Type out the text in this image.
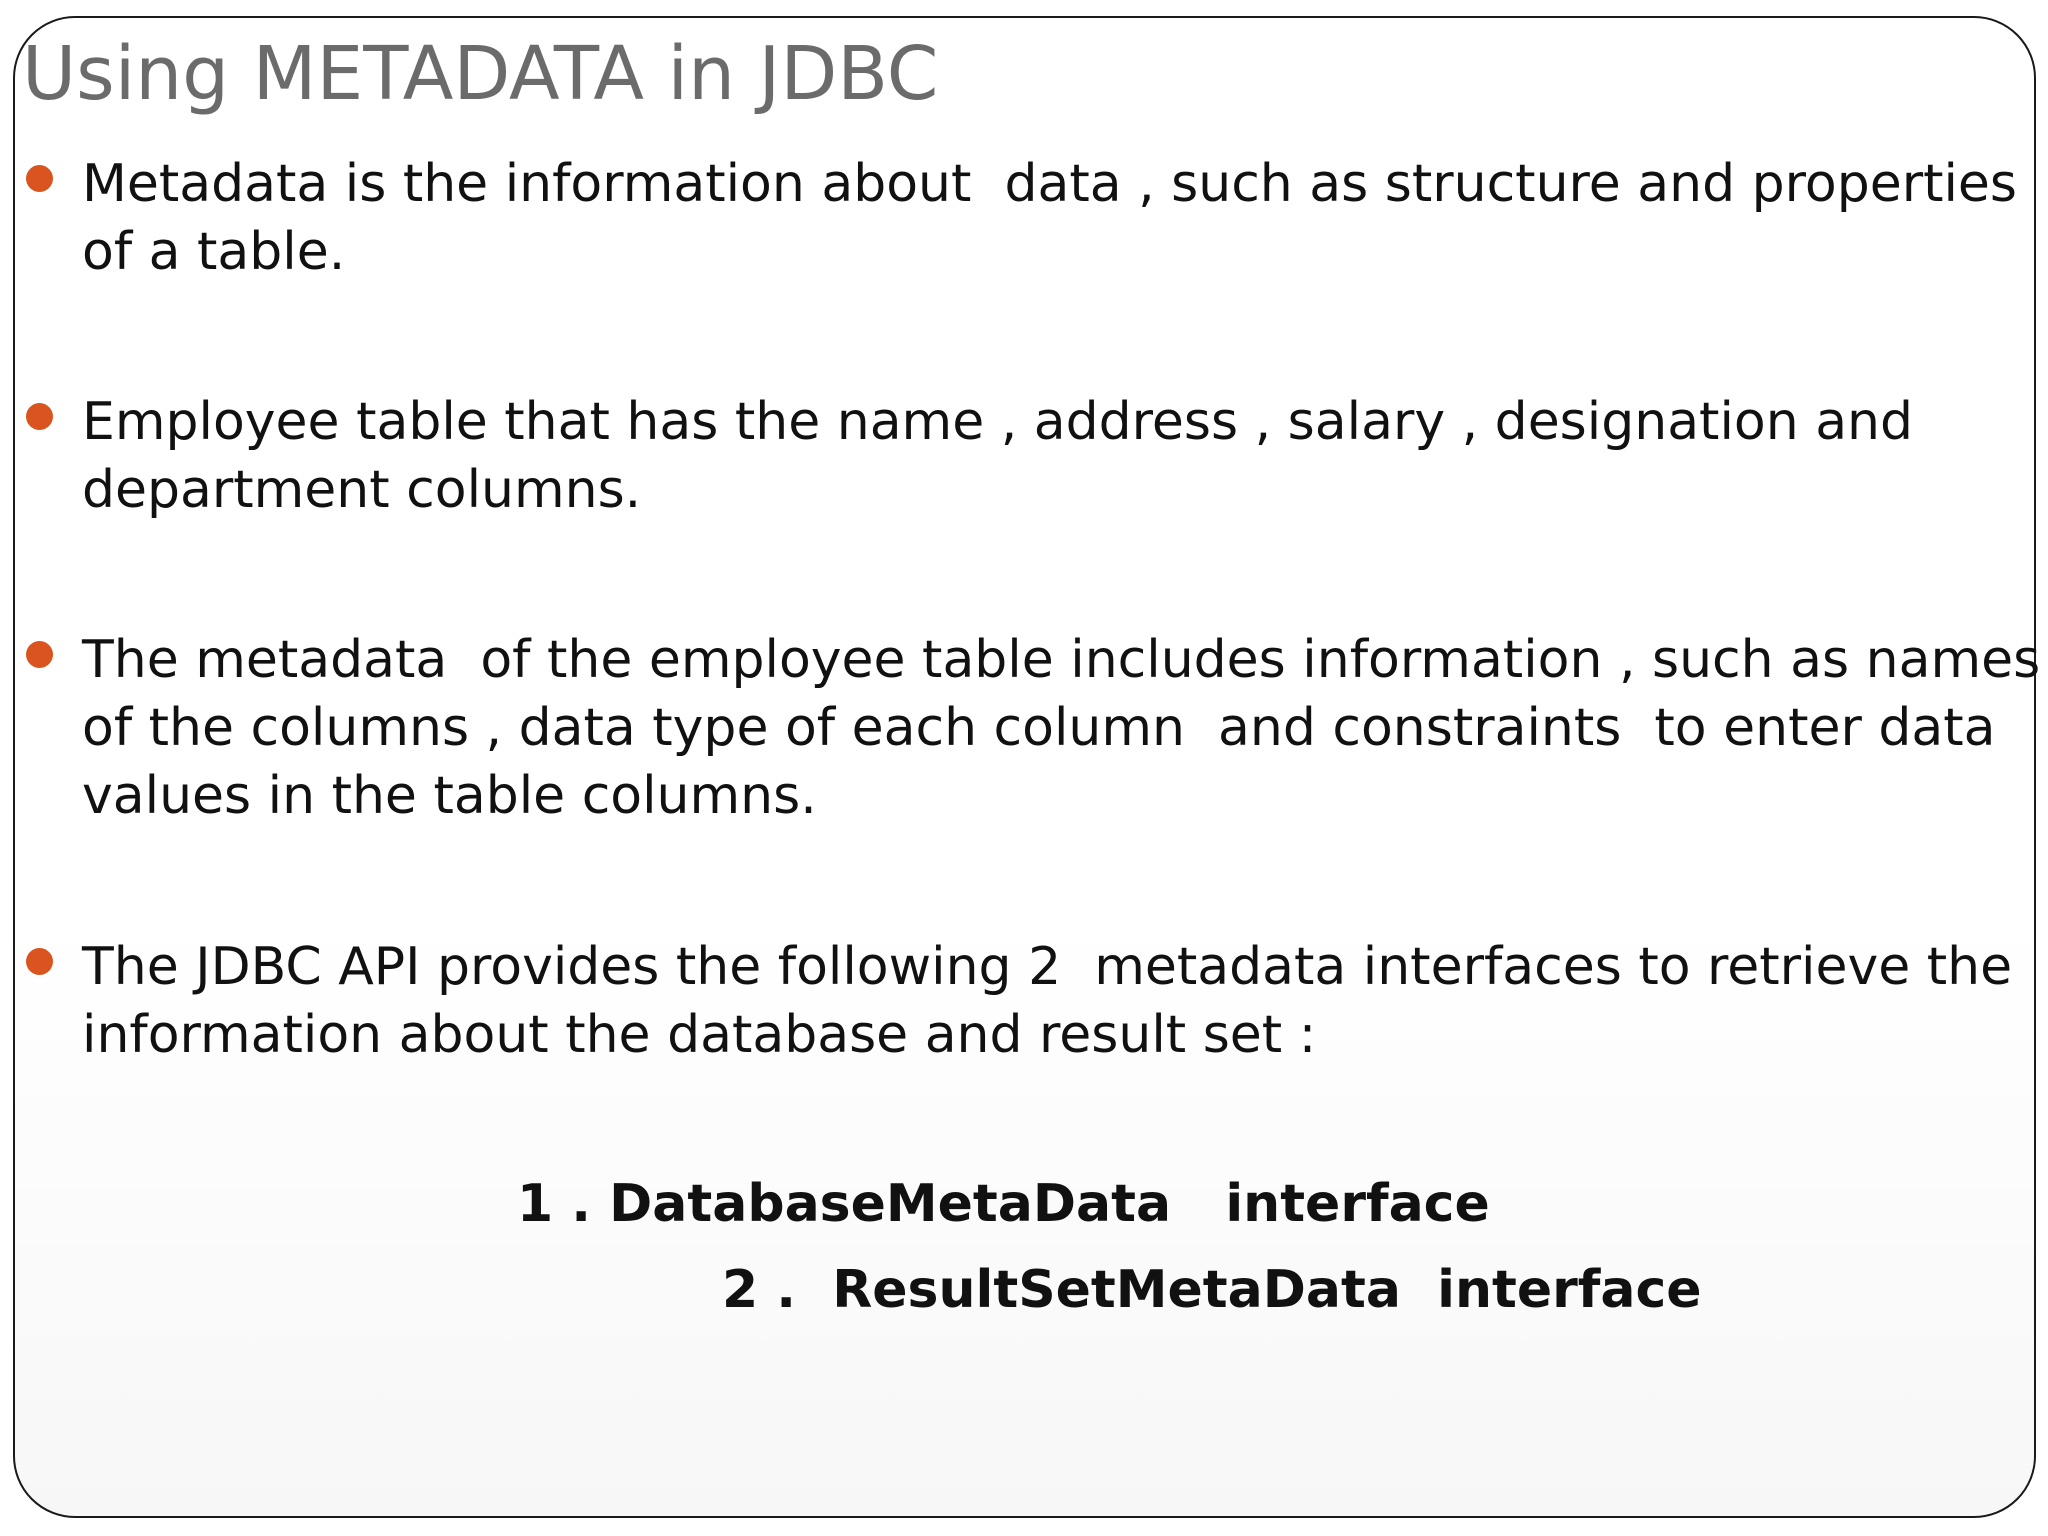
Using METADATA in JDBC
Metadata is the information about  data , such as structure and properties
of a table.
Employee table that has the name , address , salary , designation and
department columns.
The metadata  of the employee table includes information , such as names
of the columns , data type of each column  and constraints  to enter data
values in the table columns.
The JDBC API provides the following 2  metadata interfaces to retrieve the
information about the database and result set :
1 . DatabaseMetaData   interface
2 .  ResultSetMetaData  interface
